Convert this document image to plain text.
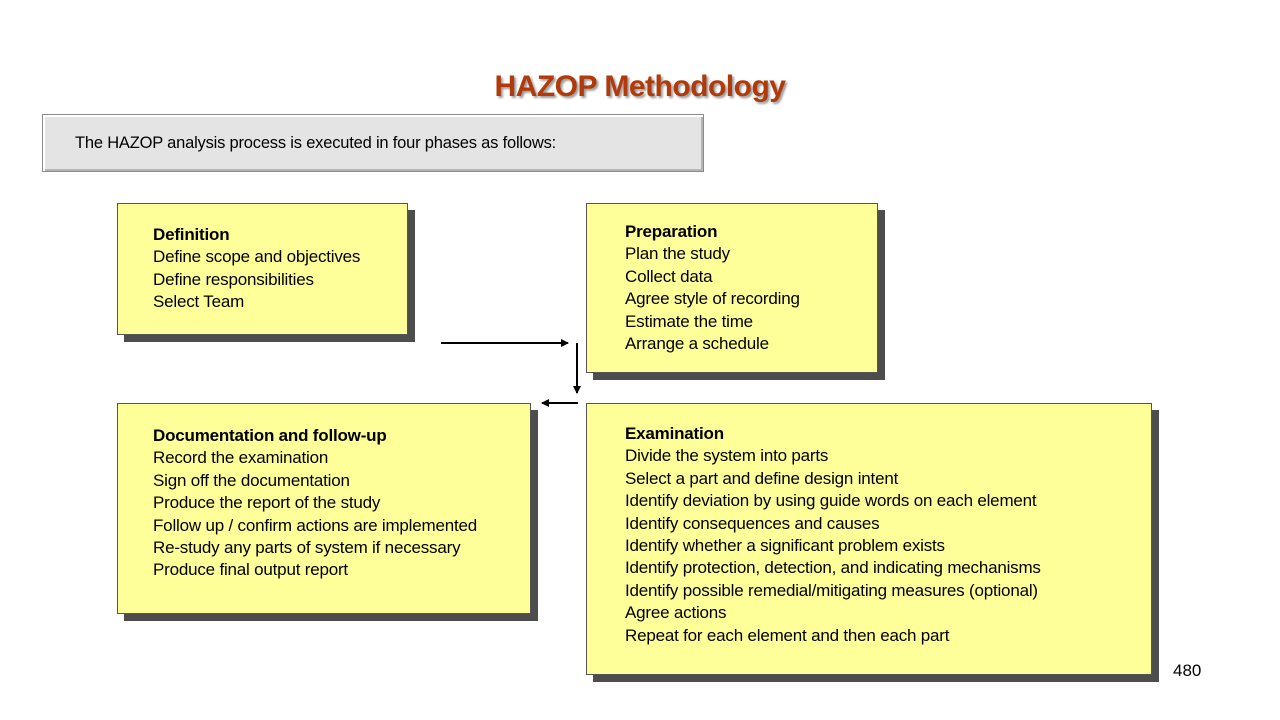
HAZOP Methodology
The HAZOP analysis process is executed in four phases as follows:
Definition
Define scope and objectives
Define responsibilities
Select Team
Preparation
Plan the study
Collect data
Agree style of recording
Estimate the time
Arrange a schedule
Documentation and follow-up
Record the examination
Sign off the documentation
Produce the report of the study
Follow up / confirm actions are implemented
Re-study any parts of system if necessary
Produce final output report
Examination
Divide the system into parts
Select a part and define design intent
Identify deviation by using guide words on each element
Identify consequences and causes
Identify whether a significant problem exists
Identify protection, detection, and indicating mechanisms
Identify possible remedial/mitigating measures (optional)
Agree actions
Repeat for each element and then each part
480
